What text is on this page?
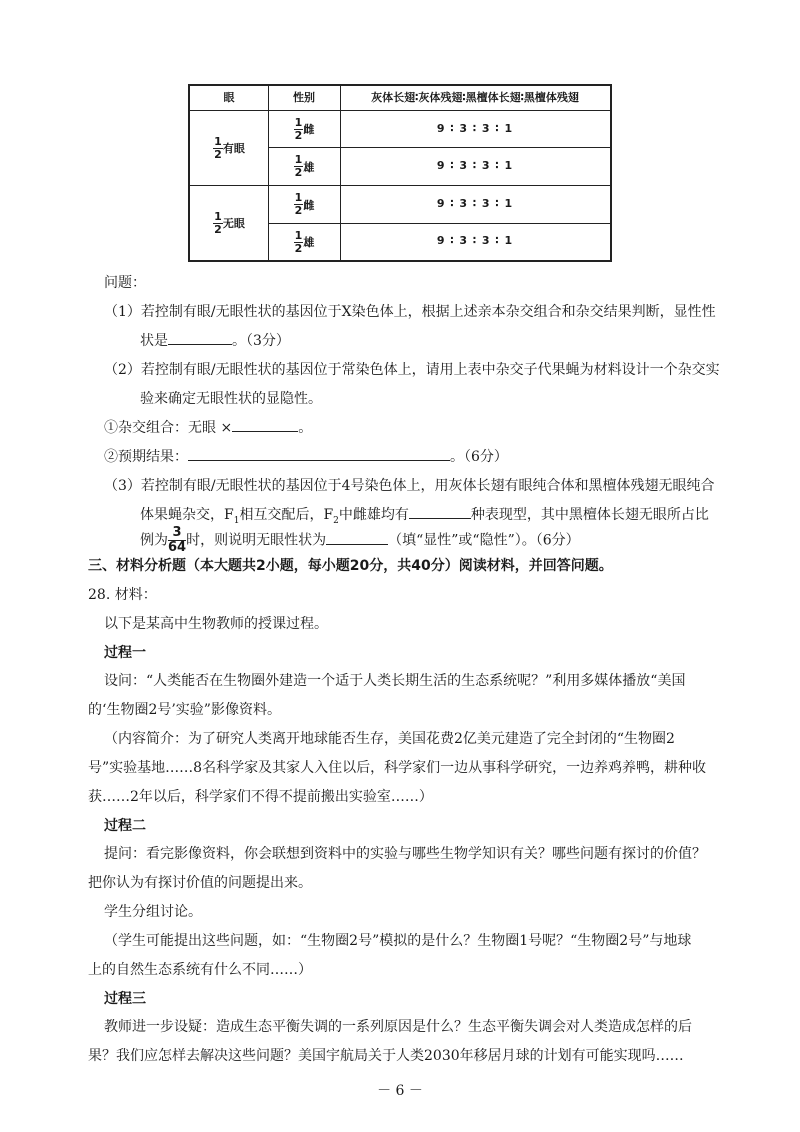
眼	性别	灰体长翅∶灰体残翅∶黑檀体长翅∶黑檀体残翅
$\frac{1}{2}$ 有眼
$\frac{1}{2}$ 雌	9 ∶ 3 ∶ 3 ∶ 1
$\frac{1}{2}$ 雄	9 ∶ 3 ∶ 3 ∶ 1
$\frac{1}{2}$ 无眼
$\frac{1}{2}$ 雌	9 ∶ 3 ∶ 3 ∶ 1
$\frac{1}{2}$ 雄	9 ∶ 3 ∶ 3 ∶ 1
问题：
（1）若控制有眼/无眼性状的基因位于X染色体上，根据上述亲本杂交组合和杂交结果判断，显性性
状是	。（3分）
（2）若控制有眼/无眼性状的基因位于常染色体上，请用上表中杂交子代果蝇为材料设计一个杂交实
验来确定无眼性状的显隐性。
①杂交组合：无眼 ×	。
②预期结果：	。（6分）
（3）若控制有眼/无眼性状的基因位于4号染色体上，用灰体长翅有眼纯合体和黑檀体残翅无眼纯合
体果蝇杂交，$F_1$相互交配后，$F_2$中雌雄均有	种表现型，其中黑檀体长翅无眼所占比
例为 $\frac{3}{64}$ 时，则说明无眼性状为	（填“显性”或“隐性”）。（6分）
三、材料分析题（本大题共2小题，每小题20分，共40分）阅读材料，并回答问题。
28. 材料：
以下是某高中生物教师的授课过程。
过程一
设问：“人类能否在生物圈外建造一个适于人类长期生活的生态系统呢？”利用多媒体播放“美国
的‘生物圈2号’实验”影像资料。
（内容简介：为了研究人类离开地球能否生存，美国花费2亿美元建造了完全封闭的“生物圈2
号”实验基地……8名科学家及其家人入住以后，科学家们一边从事科学研究，一边养鸡养鸭，耕种收
获……2年以后，科学家们不得不提前搬出实验室……）
过程二
提问：看完影像资料，你会联想到资料中的实验与哪些生物学知识有关？哪些问题有探讨的价值？
把你认为有探讨价值的问题提出来。
学生分组讨论。
（学生可能提出这些问题，如：“生物圈2号”模拟的是什么？生物圈1号呢？“生物圈2号”与地球
上的自然生态系统有什么不同……）
过程三
教师进一步设疑：造成生态平衡失调的一系列原因是什么？生态平衡失调会对人类造成怎样的后
果？我们应怎样去解决这些问题？美国宇航局关于人类2030年移居月球的计划有可能实现吗……
－ 6 －
